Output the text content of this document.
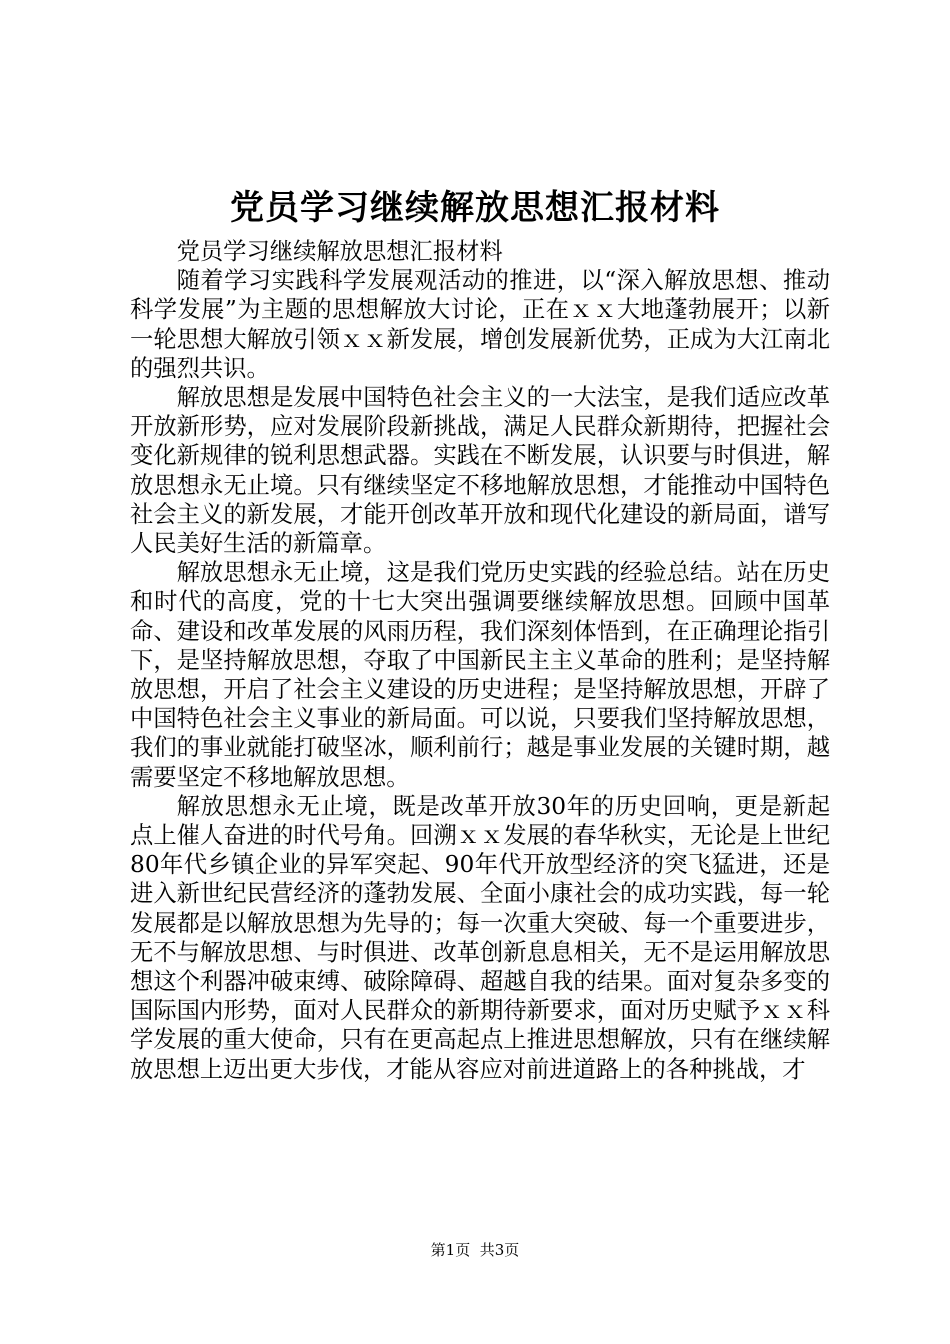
党员学习继续解放思想汇报材料

党员学习继续解放思想汇报材料

随着学习实践科学发展观活动的推进，以“深入解放思想、推动科学发展”为主题的思想解放大讨论，正在ｘｘ大地蓬勃展开；以新一轮思想大解放引领ｘｘ新发展，增创发展新优势，正成为大江南北的强烈共识。

解放思想是发展中国特色社会主义的一大法宝，是我们适应改革开放新形势，应对发展阶段新挑战，满足人民群众新期待，把握社会变化新规律的锐利思想武器。实践在不断发展，认识要与时俱进，解放思想永无止境。只有继续坚定不移地解放思想，才能推动中国特色社会主义的新发展，才能开创改革开放和现代化建设的新局面，谱写人民美好生活的新篇章。

解放思想永无止境，这是我们党历史实践的经验总结。站在历史和时代的高度，党的十七大突出强调要继续解放思想。回顾中国革命、建设和改革发展的风雨历程，我们深刻体悟到，在正确理论指引下，是坚持解放思想，夺取了中国新民主主义革命的胜利；是坚持解放思想，开启了社会主义建设的历史进程；是坚持解放思想，开辟了中国特色社会主义事业的新局面。可以说，只要我们坚持解放思想，我们的事业就能打破坚冰，顺利前行；越是事业发展的关键时期，越需要坚定不移地解放思想。

解放思想永无止境，既是改革开放30年的历史回响，更是新起点上催人奋进的时代号角。回溯ｘｘ发展的春华秋实，无论是上世纪80年代乡镇企业的异军突起、90年代开放型经济的突飞猛进，还是进入新世纪民营经济的蓬勃发展、全面小康社会的成功实践，每一轮发展都是以解放思想为先导的；每一次重大突破、每一个重要进步，无不与解放思想、与时俱进、改革创新息息相关，无不是运用解放思想这个利器冲破束缚、破除障碍、超越自我的结果。面对复杂多变的国际国内形势，面对人民群众的新期待新要求，面对历史赋予ｘｘ科学发展的重大使命，只有在更高起点上推进思想解放，只有在继续解放思想上迈出更大步伐，才能从容应对前进道路上的各种挑战，才

第1页 共3页
